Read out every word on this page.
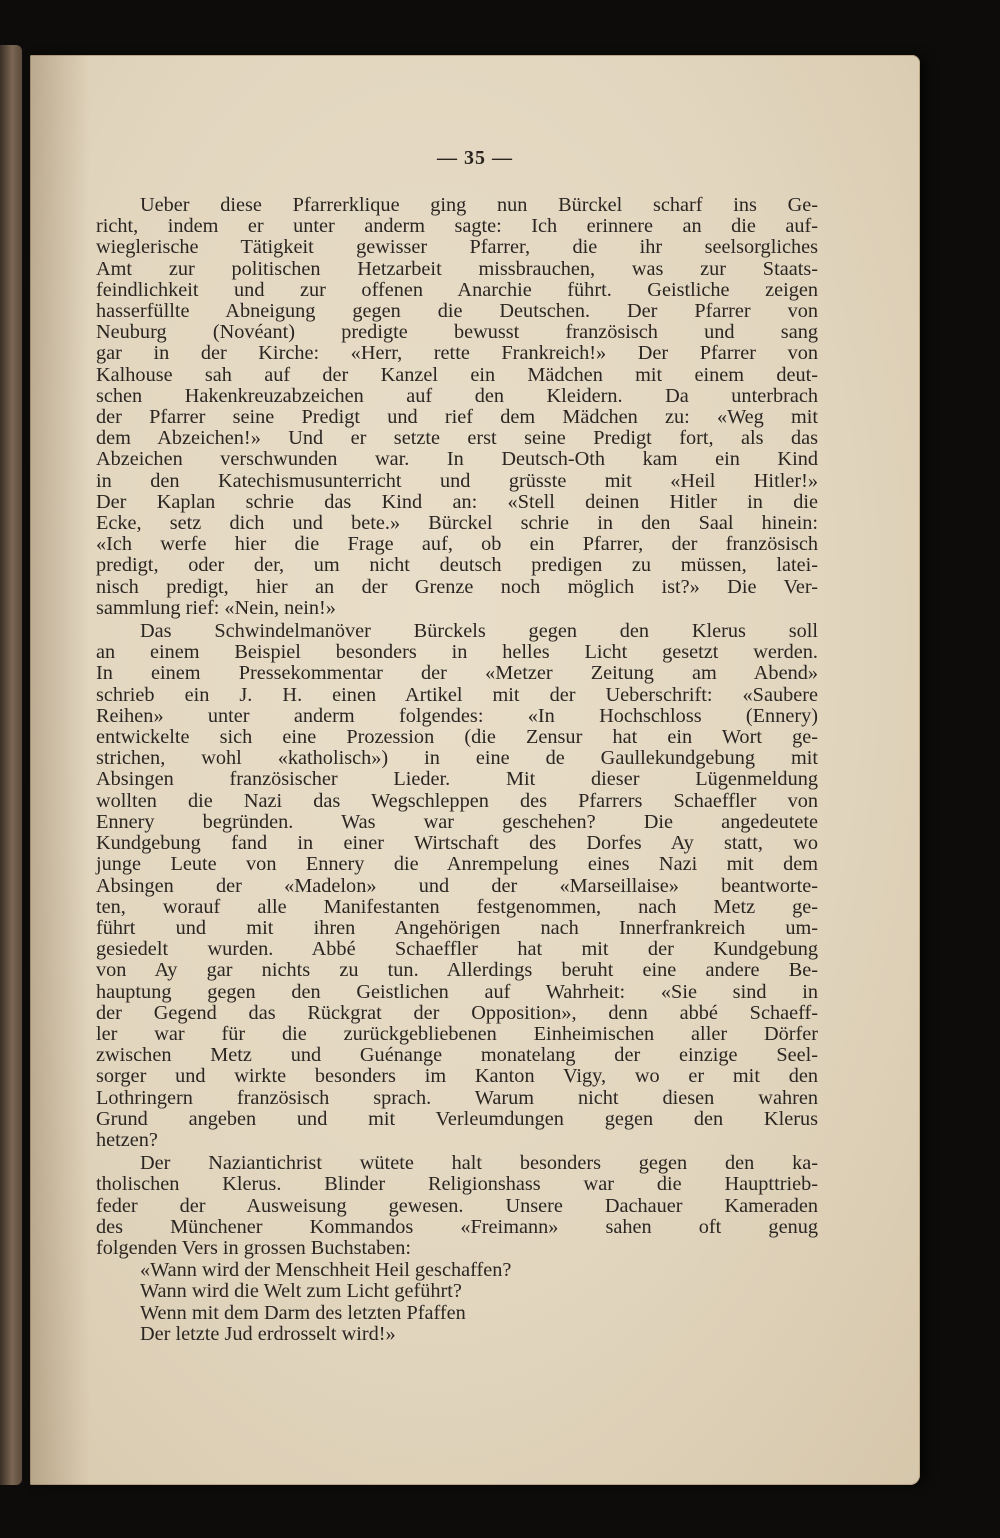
— 35 —
Ueber diese Pfarrerklique ging nun Bürckel scharf ins Ge-
richt, indem er unter anderm sagte: Ich erinnere an die auf-
wieglerische Tätigkeit gewisser Pfarrer, die ihr seelsorgliches
Amt zur politischen Hetzarbeit missbrauchen, was zur Staats-
feindlichkeit und zur offenen Anarchie führt. Geistliche zeigen
hasserfüllte Abneigung gegen die Deutschen. Der Pfarrer von
Neuburg (Novéant) predigte bewusst französisch und sang
gar in der Kirche: «Herr, rette Frankreich!» Der Pfarrer von
Kalhouse sah auf der Kanzel ein Mädchen mit einem deut-
schen Hakenkreuzabzeichen auf den Kleidern. Da unterbrach
der Pfarrer seine Predigt und rief dem Mädchen zu: «Weg mit
dem Abzeichen!» Und er setzte erst seine Predigt fort, als das
Abzeichen verschwunden war. In Deutsch-Oth kam ein Kind
in den Katechismusunterricht und grüsste mit «Heil Hitler!»
Der Kaplan schrie das Kind an: «Stell deinen Hitler in die
Ecke, setz dich und bete.» Bürckel schrie in den Saal hinein:
«Ich werfe hier die Frage auf, ob ein Pfarrer, der französisch
predigt, oder der, um nicht deutsch predigen zu müssen, latei-
nisch predigt, hier an der Grenze noch möglich ist?» Die Ver-
sammlung rief: «Nein, nein!»
Das Schwindelmanöver Bürckels gegen den Klerus soll
an einem Beispiel besonders in helles Licht gesetzt werden.
In einem Pressekommentar der «Metzer Zeitung am Abend»
schrieb ein J. H. einen Artikel mit der Ueberschrift: «Saubere
Reihen» unter anderm folgendes: «In Hochschloss (Ennery)
entwickelte sich eine Prozession (die Zensur hat ein Wort ge-
strichen, wohl «katholisch») in eine de Gaullekundgebung mit
Absingen französischer Lieder. Mit dieser Lügenmeldung
wollten die Nazi das Wegschleppen des Pfarrers Schaeffler von
Ennery begründen. Was war geschehen? Die angedeutete
Kundgebung fand in einer Wirtschaft des Dorfes Ay statt, wo
junge Leute von Ennery die Anrempelung eines Nazi mit dem
Absingen der «Madelon» und der «Marseillaise» beantworte-
ten, worauf alle Manifestanten festgenommen, nach Metz ge-
führt und mit ihren Angehörigen nach Innerfrankreich um-
gesiedelt wurden. Abbé Schaeffler hat mit der Kundgebung
von Ay gar nichts zu tun. Allerdings beruht eine andere Be-
hauptung gegen den Geistlichen auf Wahrheit: «Sie sind in
der Gegend das Rückgrat der Opposition», denn abbé Schaeff-
ler war für die zurückgebliebenen Einheimischen aller Dörfer
zwischen Metz und Guénange monatelang der einzige Seel-
sorger und wirkte besonders im Kanton Vigy, wo er mit den
Lothringern französisch sprach. Warum nicht diesen wahren
Grund angeben und mit Verleumdungen gegen den Klerus
hetzen?
Der Naziantichrist wütete halt besonders gegen den ka-
tholischen Klerus. Blinder Religionshass war die Haupttrieb-
feder der Ausweisung gewesen. Unsere Dachauer Kameraden
des Münchener Kommandos «Freimann» sahen oft genug
folgenden Vers in grossen Buchstaben:
«Wann wird der Menschheit Heil geschaffen?
Wann wird die Welt zum Licht geführt?
Wenn mit dem Darm des letzten Pfaffen
Der letzte Jud erdrosselt wird!»
